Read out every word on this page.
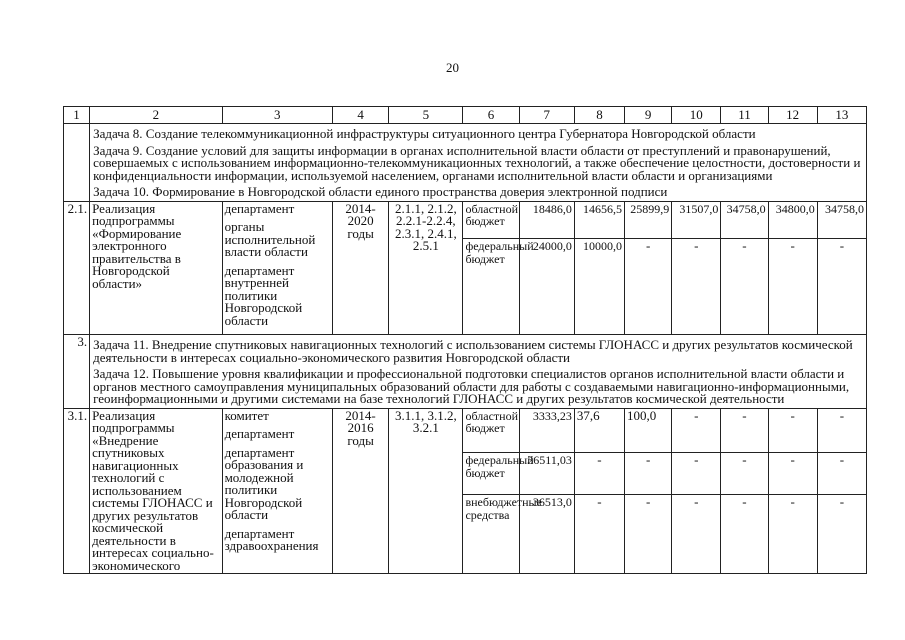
20
1	2	3	4	5	6	7	8	9	10	11	12	13

	Задача 8. Создание телекоммуникационной инфраструктуры ситуационного центра Губернатора Новгородской области
Задача 9. Создание условий для защиты информации в органах исполнительной власти области от преступлений и правонарушений, совершаемых с использованием информационно-телекоммуникационных технологий, а также обеспечение целостности, достоверности и конфиденциальности информации, используемой населением, органами исполнительной власти области и организациями
Задача 10. Формирование в Новгородской области единого пространства доверия электронной подписи											

2.1.	Реализация подпрограммы «Формирование электронного правительства в Новгородской области»	департамент
органы исполнительной власти области
департамент внутренней политики Новгородской области	2014-2020 годы	2.1.1, 2.1.2, 2.2.1-2.2.4, 2.3.1, 2.4.1, 2.5.1	областной бюджет	18486,0	14656,5	25899,9	31507,0	34758,0	34800,0	34758,0
					федеральный бюджет	24000,0	10000,0	-	-	-	-	-
3.	Задача 11. Внедрение спутниковых навигационных технологий с использованием системы ГЛОНАСС и других результатов космической деятельности в интересах социально-экономического развития Новгородской области
Задача 12. Повышение уровня квалификации и профессиональной подготовки специалистов органов исполнительной власти области и органов местного самоуправления муниципальных образований области для работы с создаваемыми навигационно-информационными, геоинформационными и другими системами на базе технологий ГЛОНАСС и других результатов космической деятельности											

3.1.	Реализация подпрограммы «Внедрение спутниковых навигационных технологий с использованием системы ГЛОНАСС и других результатов космической деятельности в интересах социально-экономического	комитет
департамент
департамент образования и молодежной политики Новгородской области
департамент здравоохранения	2014-2016 годы	3.1.1, 3.1.2, 3.2.1	областной бюджет	3333,23	37,6	100,0	-	-	-	-
					федеральный бюджет	36511,03	-	-	-	-	-	-
					внебюджетные средства	36513,0	-	-	-	-	-	-
